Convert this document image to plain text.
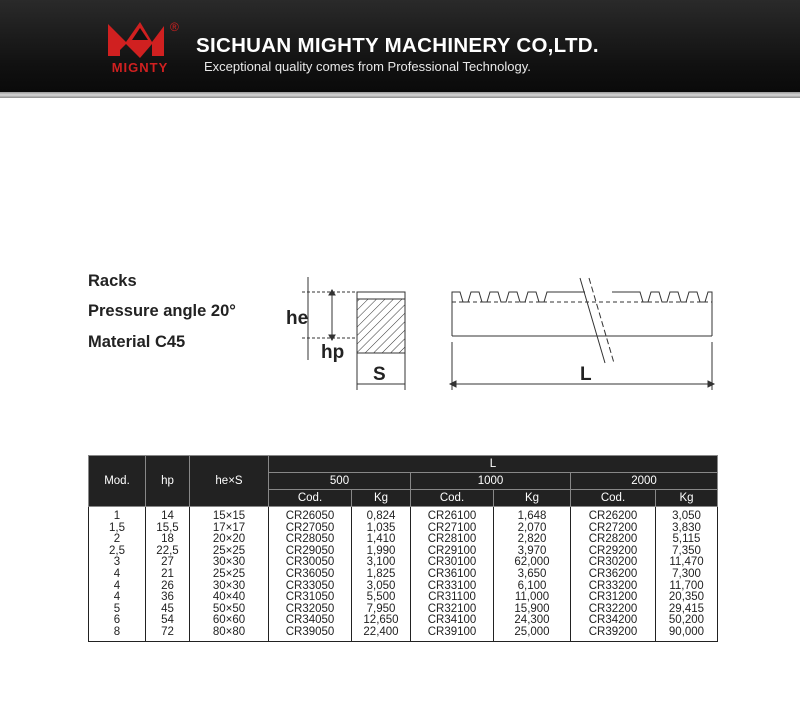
®
MIGNTY
SICHUAN MIGHTY MACHINERY CO,LTD.
Exceptional quality comes from Professional Technology.
Racks
Pressure angle 20°
Material C45
he
hp
S	L
Mod.	hp	he×S	L					
			500		1000		2000	
			Cod.	Kg	Cod.	Kg	Cod.	Kg
1	14	15×15	CR26050	0,824	CR26100	1,648	CR26200	3,050
1,5	15,5	17×17	CR27050	1,035	CR27100	2,070	CR27200	3,830
2	18	20×20	CR28050	1,410	CR28100	2,820	CR28200	5,115
2,5	22,5	25×25	CR29050	1,990	CR29100	3,970	CR29200	7,350
3	27	30×30	CR30050	3,100	CR30100	62,000	CR30200	11,470
4	21	25×25	CR36050	1,825	CR36100	3,650	CR36200	7,300
4	26	30×30	CR33050	3,050	CR33100	6,100	CR33200	11,700
4	36	40×40	CR31050	5,500	CR31100	11,000	CR31200	20,350
5	45	50×50	CR32050	7,950	CR32100	15,900	CR32200	29,415
6	54	60×60	CR34050	12,650	CR34100	24,300	CR34200	50,200
8	72	80×80	CR39050	22,400	CR39100	25,000	CR39200	90,000
